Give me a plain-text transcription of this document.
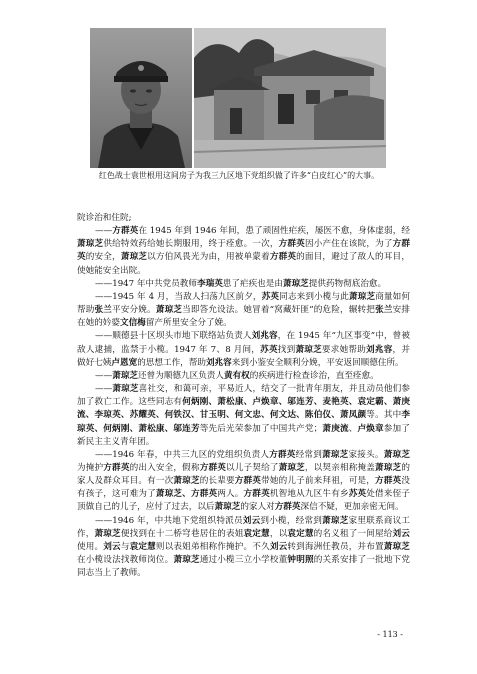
红色战士袁世根用这间房子为我三九区地下党组织做了许多“白皮红心”的大事。

院诊治和住院;

——方群英在 1945 年到 1946 年间，患了顽固性疟疾，屡医不愈，身体虚弱，经萧琼芝供给特效药给她长期服用，终于痊愈。一次，方群英因小产住在该院，为了方群英的安全，萧琼芝以方伯风畏光为由，用被单蒙着方群英的面目，避过了敌人的耳目，使她能安全出院。

——1947 年中共党员教师李瑞英患了疟疾也是由萧琼芝提供药物彻底治愈。

——1945 年 4 月，当敌人扫荡九区前夕，苏英同志来到小榄与此萧琼芝商量如何帮助张兰平安分娩。萧琼芝当即答允设法。她冒着“窝藏奸匪”的危险，辗转把张兰安排在她的妗婆文信梅留产所里安全分了娩。

——顺德县十区坝头市地下联络站负责人刘兆容，在 1945 年“九区事变”中，曾被敌人逮捕，监禁于小榄。1947 年 7、8 月间，苏英找到萧琼芝要求她帮助刘兆容，并做好七姨卢恩宽的思想工作，帮助刘兆容来到小鉴安全顺利分娩，平安返回顺德住所。

——萧琼芝还曾为顺德九区负责人黄有权的疾病进行检查诊治，直至痊愈。

——萧琼芝喜社交，和蔼可亲，平易近人，结交了一批青年朋友，并且动员他们参加了救亡工作。这些同志有何炳刚、萧松康、卢焕章、邬连芳、麦艳英、袁定霸、萧庚流、李琼英、苏耀英、何铁汉、甘玉明、何文忠、何文达、陈伯仪、萧凤颜等。其中李琼英、何炳刚、萧松康、邬连芳等先后光荣参加了中国共产党；萧庚流、卢焕章参加了新民主主义青年团。

——1946 年春，中共三九区的党组织负责人方群英经常到萧琼芝家接头。萧琼芝为掩护方群英的出入安全，假称方群英以儿子契给了萧琼芝，以契亲相称掩盖萧琼芝的家人及群众耳目。有一次萧琼芝的长辈要方群英带她的儿子前来拜祖，可是，方群英没有孩子，这可难为了萧琼芝、方群英两人。方群英机智地从九区牛有乡苏英处借来侄子顶做自己的儿子，应付了过去，以后萧琼芝的家人对方群英深信不疑，更加亲密无间。

——1946 年，中共地下党组织特派员刘云到小榄，经常到萧琼芝家里联系商议工作，萧琼芝便找到在十二桥穹巷居住的表姐袁定慧，以袁定慧的名义租了一间屋给刘云使用。刘云与袁定慧则以表姐弟相称作掩护。不久刘云转到海洲任教员，并布置萧琼芝在小榄设法找教师岗位。萧琼芝通过小榄三立小学校董钟明照的关系安排了一批地下党同志当上了教师。

- 113 -
